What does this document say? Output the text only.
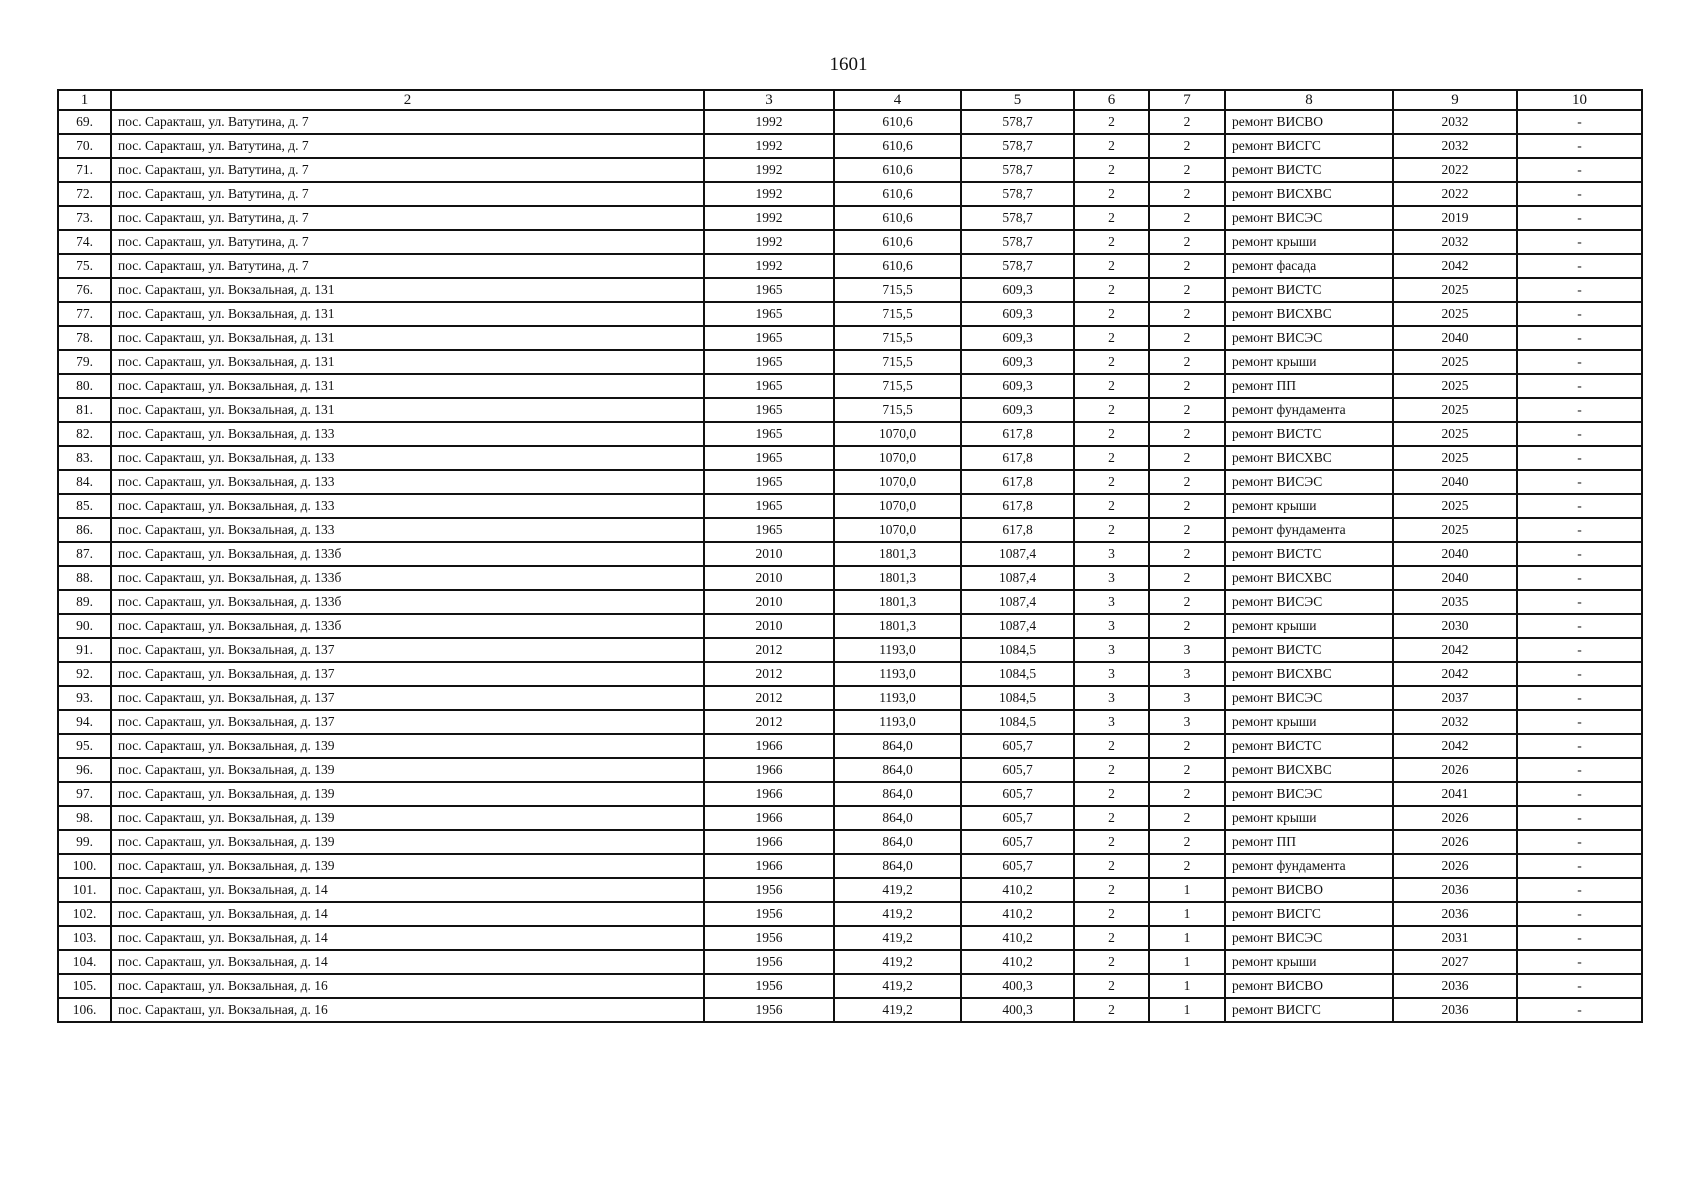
1601
1	2	3	4	5	6	7	8	9	10
69.	пос. Саракташ, ул. Ватутина, д. 7	1992	610,6	578,7	2	2	ремонт ВИСВО	2032	-
70.	пос. Саракташ, ул. Ватутина, д. 7	1992	610,6	578,7	2	2	ремонт ВИСГС	2032	-
71.	пос. Саракташ, ул. Ватутина, д. 7	1992	610,6	578,7	2	2	ремонт ВИСТС	2022	-
72.	пос. Саракташ, ул. Ватутина, д. 7	1992	610,6	578,7	2	2	ремонт ВИСХВС	2022	-
73.	пос. Саракташ, ул. Ватутина, д. 7	1992	610,6	578,7	2	2	ремонт ВИСЭС	2019	-
74.	пос. Саракташ, ул. Ватутина, д. 7	1992	610,6	578,7	2	2	ремонт крыши	2032	-
75.	пос. Саракташ, ул. Ватутина, д. 7	1992	610,6	578,7	2	2	ремонт фасада	2042	-
76.	пос. Саракташ, ул. Вокзальная, д. 131	1965	715,5	609,3	2	2	ремонт ВИСТС	2025	-
77.	пос. Саракташ, ул. Вокзальная, д. 131	1965	715,5	609,3	2	2	ремонт ВИСХВС	2025	-
78.	пос. Саракташ, ул. Вокзальная, д. 131	1965	715,5	609,3	2	2	ремонт ВИСЭС	2040	-
79.	пос. Саракташ, ул. Вокзальная, д. 131	1965	715,5	609,3	2	2	ремонт крыши	2025	-
80.	пос. Саракташ, ул. Вокзальная, д. 131	1965	715,5	609,3	2	2	ремонт ПП	2025	-
81.	пос. Саракташ, ул. Вокзальная, д. 131	1965	715,5	609,3	2	2	ремонт фундамента	2025	-
82.	пос. Саракташ, ул. Вокзальная, д. 133	1965	1070,0	617,8	2	2	ремонт ВИСТС	2025	-
83.	пос. Саракташ, ул. Вокзальная, д. 133	1965	1070,0	617,8	2	2	ремонт ВИСХВС	2025	-
84.	пос. Саракташ, ул. Вокзальная, д. 133	1965	1070,0	617,8	2	2	ремонт ВИСЭС	2040	-
85.	пос. Саракташ, ул. Вокзальная, д. 133	1965	1070,0	617,8	2	2	ремонт крыши	2025	-
86.	пос. Саракташ, ул. Вокзальная, д. 133	1965	1070,0	617,8	2	2	ремонт фундамента	2025	-
87.	пос. Саракташ, ул. Вокзальная, д. 133б	2010	1801,3	1087,4	3	2	ремонт ВИСТС	2040	-
88.	пос. Саракташ, ул. Вокзальная, д. 133б	2010	1801,3	1087,4	3	2	ремонт ВИСХВС	2040	-
89.	пос. Саракташ, ул. Вокзальная, д. 133б	2010	1801,3	1087,4	3	2	ремонт ВИСЭС	2035	-
90.	пос. Саракташ, ул. Вокзальная, д. 133б	2010	1801,3	1087,4	3	2	ремонт крыши	2030	-
91.	пос. Саракташ, ул. Вокзальная, д. 137	2012	1193,0	1084,5	3	3	ремонт ВИСТС	2042	-
92.	пос. Саракташ, ул. Вокзальная, д. 137	2012	1193,0	1084,5	3	3	ремонт ВИСХВС	2042	-
93.	пос. Саракташ, ул. Вокзальная, д. 137	2012	1193,0	1084,5	3	3	ремонт ВИСЭС	2037	-
94.	пос. Саракташ, ул. Вокзальная, д. 137	2012	1193,0	1084,5	3	3	ремонт крыши	2032	-
95.	пос. Саракташ, ул. Вокзальная, д. 139	1966	864,0	605,7	2	2	ремонт ВИСТС	2042	-
96.	пос. Саракташ, ул. Вокзальная, д. 139	1966	864,0	605,7	2	2	ремонт ВИСХВС	2026	-
97.	пос. Саракташ, ул. Вокзальная, д. 139	1966	864,0	605,7	2	2	ремонт ВИСЭС	2041	-
98.	пос. Саракташ, ул. Вокзальная, д. 139	1966	864,0	605,7	2	2	ремонт крыши	2026	-
99.	пос. Саракташ, ул. Вокзальная, д. 139	1966	864,0	605,7	2	2	ремонт ПП	2026	-
100.	пос. Саракташ, ул. Вокзальная, д. 139	1966	864,0	605,7	2	2	ремонт фундамента	2026	-
101.	пос. Саракташ, ул. Вокзальная, д. 14	1956	419,2	410,2	2	1	ремонт ВИСВО	2036	-
102.	пос. Саракташ, ул. Вокзальная, д. 14	1956	419,2	410,2	2	1	ремонт ВИСГС	2036	-
103.	пос. Саракташ, ул. Вокзальная, д. 14	1956	419,2	410,2	2	1	ремонт ВИСЭС	2031	-
104.	пос. Саракташ, ул. Вокзальная, д. 14	1956	419,2	410,2	2	1	ремонт крыши	2027	-
105.	пос. Саракташ, ул. Вокзальная, д. 16	1956	419,2	400,3	2	1	ремонт ВИСВО	2036	-
106.	пос. Саракташ, ул. Вокзальная, д. 16	1956	419,2	400,3	2	1	ремонт ВИСГС	2036	-
